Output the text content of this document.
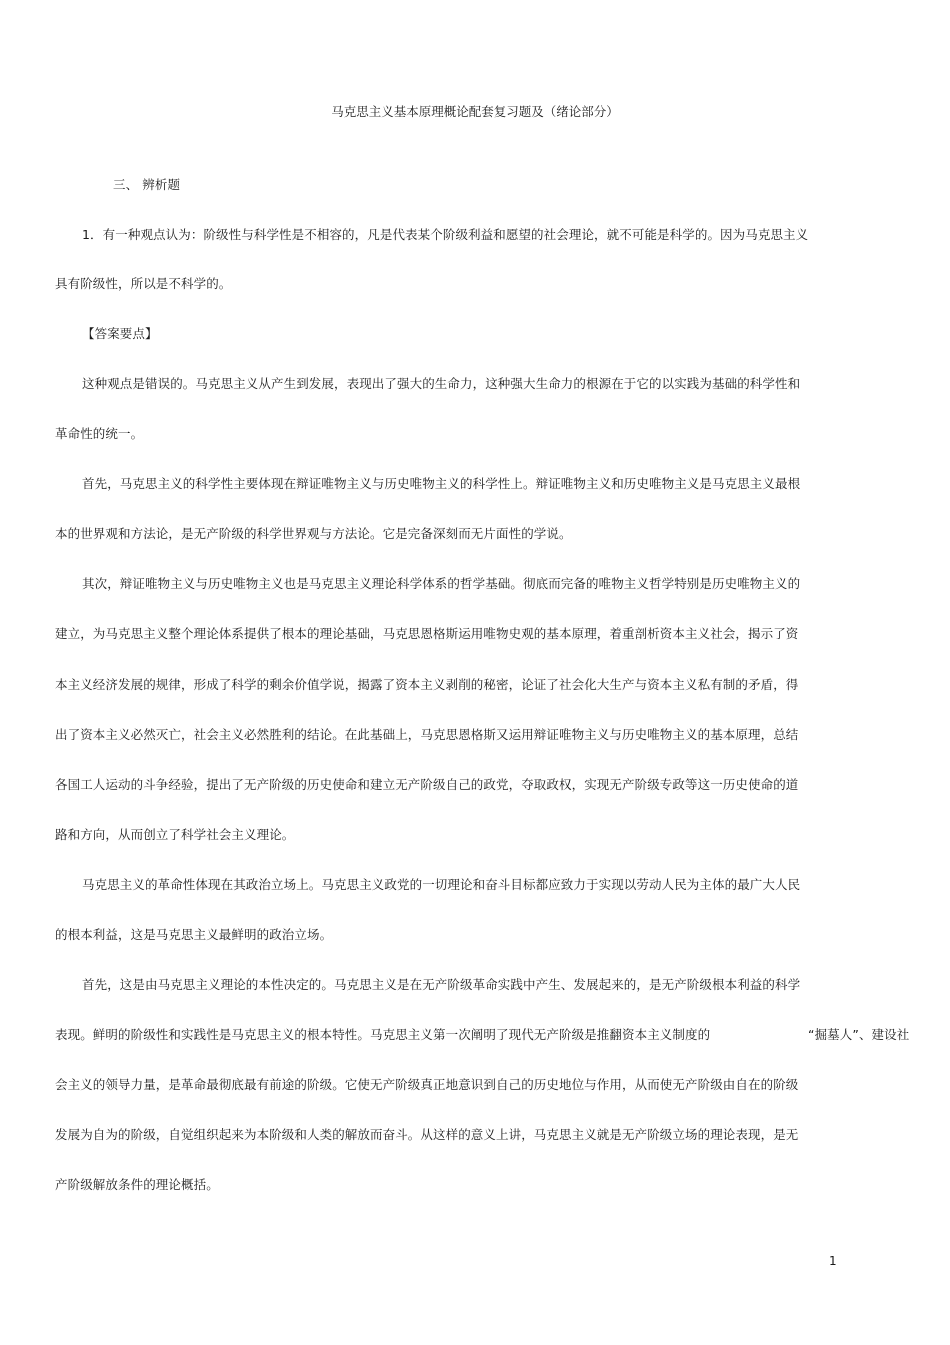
马克思主义基本原理概论配套复习题及（绪论部分）
三、 辨析题
1．有一种观点认为：阶级性与科学性是不相容的，凡是代表某个阶级利益和愿望的社会理论，就不可能是科学的。因为马克思主义
具有阶级性，所以是不科学的。
【答案要点】
这种观点是错误的。马克思主义从产生到发展，表现出了强大的生命力，这种强大生命力的根源在于它的以实践为基础的科学性和
革命性的统一。
首先，马克思主义的科学性主要体现在辩证唯物主义与历史唯物主义的科学性上。辩证唯物主义和历史唯物主义是马克思主义最根
本的世界观和方法论，是无产阶级的科学世界观与方法论。它是完备深刻而无片面性的学说。
其次，辩证唯物主义与历史唯物主义也是马克思主义理论科学体系的哲学基础。彻底而完备的唯物主义哲学特别是历史唯物主义的
建立，为马克思主义整个理论体系提供了根本的理论基础，马克思恩格斯运用唯物史观的基本原理，着重剖析资本主义社会，揭示了资
本主义经济发展的规律，形成了科学的剩余价值学说，揭露了资本主义剥削的秘密，论证了社会化大生产与资本主义私有制的矛盾，得
出了资本主义必然灭亡，社会主义必然胜利的结论。在此基础上，马克思恩格斯又运用辩证唯物主义与历史唯物主义的基本原理，总结
各国工人运动的斗争经验，提出了无产阶级的历史使命和建立无产阶级自己的政党，夺取政权，实现无产阶级专政等这一历史使命的道
路和方向，从而创立了科学社会主义理论。
马克思主义的革命性体现在其政治立场上。马克思主义政党的一切理论和奋斗目标都应致力于实现以劳动人民为主体的最广大人民
的根本利益，这是马克思主义最鲜明的政治立场。
首先，这是由马克思主义理论的本性决定的。马克思主义是在无产阶级革命实践中产生、发展起来的，是无产阶级根本利益的科学
表现。鲜明的阶级性和实践性是马克思主义的根本特性。马克思主义第一次阐明了现代无产阶级是推翻资本主义制度的	“掘墓人”、建设社
会主义的领导力量，是革命最彻底最有前途的阶级。它使无产阶级真正地意识到自己的历史地位与作用，从而使无产阶级由自在的阶级
发展为自为的阶级，自觉组织起来为本阶级和人类的解放而奋斗。从这样的意义上讲，马克思主义就是无产阶级立场的理论表现，是无
产阶级解放条件的理论概括。
1
